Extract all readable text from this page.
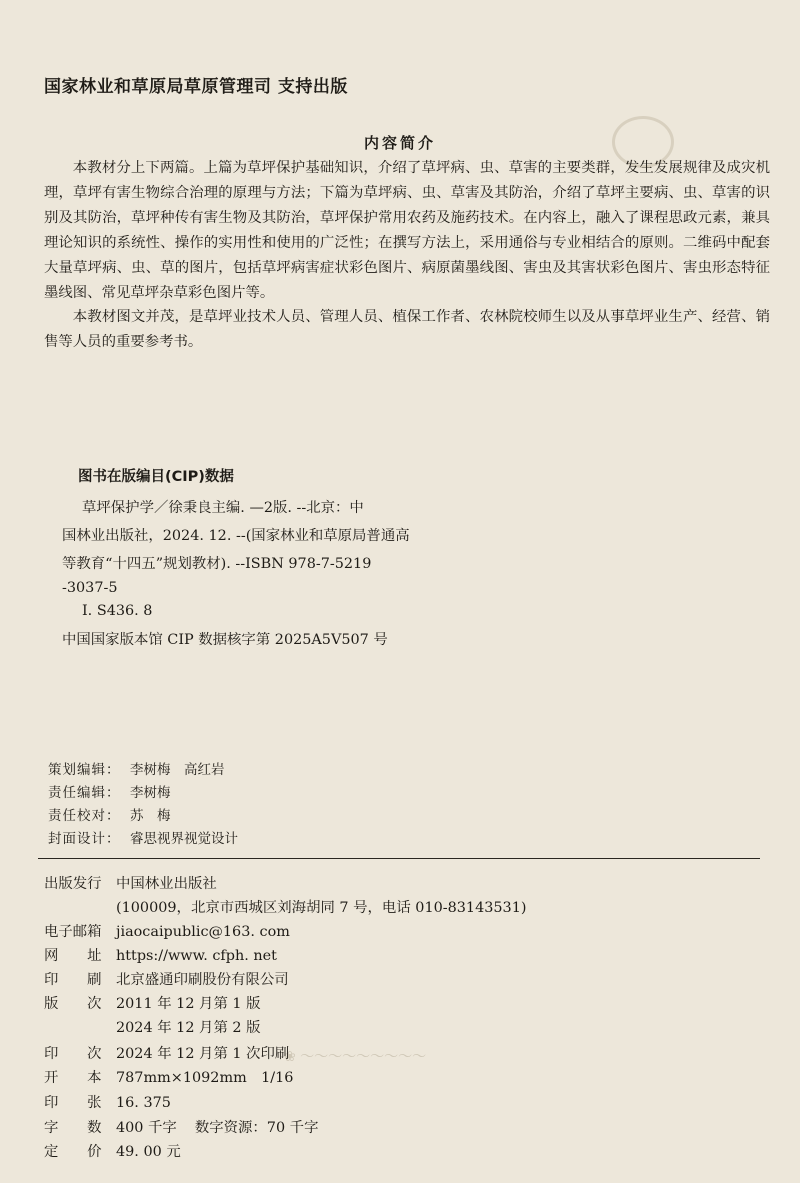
❀ ～～～～～～～～～
国家林业和草原局草原管理司 支持出版
内容简介

本教材分上下两篇。上篇为草坪保护基础知识，介绍了草坪病、虫、草害的主要类群，发生发展规律及成灾机理，草坪有害生物综合治理的原理与方法；下篇为草坪病、虫、草害及其防治，介绍了草坪主要病、虫、草害的识别及其防治，草坪种传有害生物及其防治，草坪保护常用农药及施药技术。在内容上，融入了课程思政元素，兼具理论知识的系统性、操作的实用性和使用的广泛性；在撰写方法上，采用通俗与专业相结合的原则。二维码中配套大量草坪病、虫、草的图片，包括草坪病害症状彩色图片、病原菌墨线图、害虫及其害状彩色图片、害虫形态特征墨线图、常见草坪杂草彩色图片等。

本教材图文并茂，是草坪业技术人员、管理人员、植保工作者、农林院校师生以及从事草坪业生产、经营、销售等人员的重要参考书。

图书在版编目(CIP)数据
草坪保护学／徐秉良主编. —2版. --北京：中
国林业出版社，2024. 12. --(国家林业和草原局普通高
等教育“十四五”规划教材). --ISBN 978-7-5219
-3037-5
Ⅰ. S436. 8
中国国家版本馆 CIP 数据核字第 2025A5V507 号
策划编辑： 李树梅　高红岩
责任编辑： 李树梅
责任校对： 苏　梅
封面设计： 睿思视界视觉设计
出版发行 中国林业出版社
(100009，北京市西城区刘海胡同 7 号，电话 010-83143531)
电子邮箱 jiaocaipublic@163. com
网　　址 https://www. cfph. net
印　　刷 北京盛通印刷股份有限公司
版　　次 2011 年 12 月第 1 版
2024 年 12 月第 2 版
印　　次 2024 年 12 月第 1 次印刷
开　　本 787mm×1092mm　1/16
印　　张 16. 375
字　　数 400 千字 数字资源：70 千字
定　　价 49. 00 元
